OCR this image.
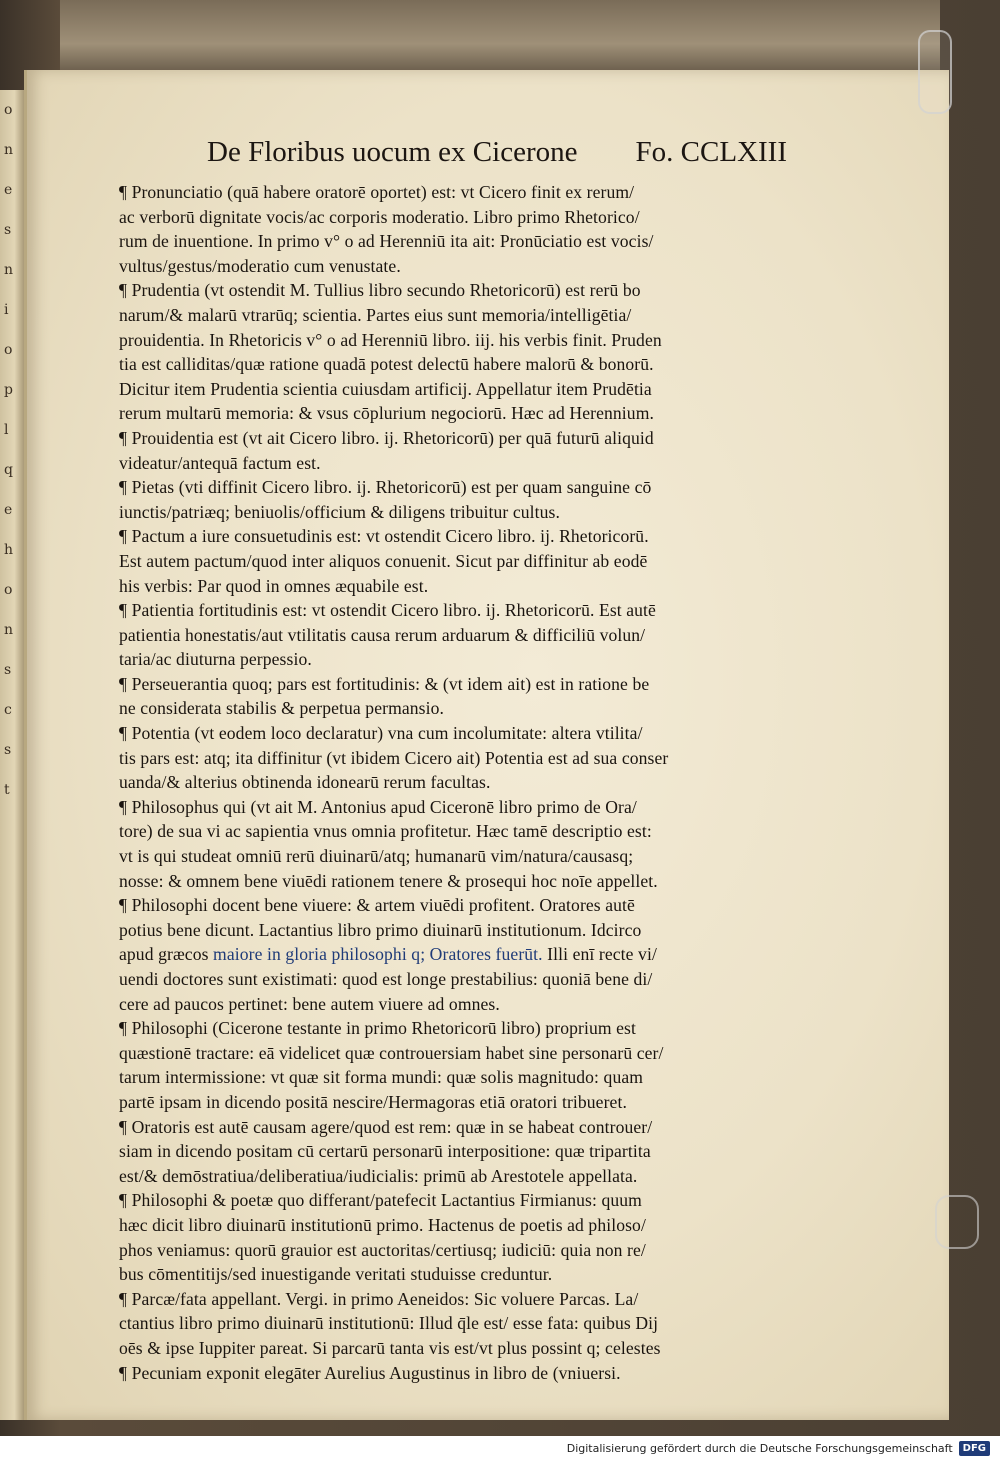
o
n
e
s
n
i
o
p
l
q
e
h
o
n
s
c
s
t
De Floribus uocum ex Cicerone Fo. CCLXIII
¶ Pronunciatio (quā habere oratorē oportet) est: vt Cicero finit ex rerum/
ac verborū dignitate vocis/ac corporis moderatio. Libro primo Rhetorico/
rum de inuentione. In primo v° o ad Herenniū ita ait: Pronūciatio est vocis/
vultus/gestus/moderatio cum venustate.
¶ Prudentia (vt ostendit M. Tullius libro secundo Rhetoricorū) est rerū bo
narum/& malarū vtrarūq; scientia. Partes eius sunt memoria/intelligētia/
prouidentia. In Rhetoricis v° o ad Herenniū libro. iij. his verbis finit. Pruden
tia est calliditas/quæ ratione quadā potest delectū habere malorū & bonorū.
Dicitur item Prudentia scientia cuiusdam artificij. Appellatur item Prudētia
rerum multarū memoria: & vsus cōplurium negociorū. Hæc ad Herennium.
¶ Prouidentia est (vt ait Cicero libro. ij. Rhetoricorū) per quā futurū aliquid
videatur/antequā factum est.
¶ Pietas (vti diffinit Cicero libro. ij. Rhetoricorū) est per quam sanguine cō
iunctis/patriæq; beniuolis/officium & diligens tribuitur cultus.
¶ Pactum a iure consuetudinis est: vt ostendit Cicero libro. ij. Rhetoricorū.
Est autem pactum/quod inter aliquos conuenit. Sicut par diffinitur ab eodē
his verbis: Par quod in omnes æquabile est.
¶ Patientia fortitudinis est: vt ostendit Cicero libro. ij. Rhetoricorū. Est autē
patientia honestatis/aut vtilitatis causa rerum arduarum & difficiliū volun/
taria/ac diuturna perpessio.
¶ Perseuerantia quoq; pars est fortitudinis: & (vt idem ait) est in ratione be
ne considerata stabilis & perpetua permansio.
¶ Potentia (vt eodem loco declaratur) vna cum incolumitate: altera vtilita/
tis pars est: atq; ita diffinitur (vt ibidem Cicero ait) Potentia est ad sua conser
uanda/& alterius obtinenda idonearū rerum facultas.
¶ Philosophus qui (vt ait M. Antonius apud Ciceronē libro primo de Ora/
tore) de sua vi ac sapientia vnus omnia profitetur. Hæc tamē descriptio est:
vt is qui studeat omniū rerū diuinarū/atq; humanarū vim/natura/causasq;
nosse: & omnem bene viuēdi rationem tenere & prosequi hoc noīe appellet.
¶ Philosophi docent bene viuere: & artem viuēdi profitent. Oratores autē
potius bene dicunt. Lactantius libro primo diuinarū institutionum. Idcirco
apud græcos maiore in gloria philosophi q; Oratores fuerūt. Illi enī recte vi/
uendi doctores sunt existimati: quod est longe prestabilius: quoniā bene di/
cere ad paucos pertinet: bene autem viuere ad omnes.
¶ Philosophi (Cicerone testante in primo Rhetoricorū libro) proprium est
quæstionē tractare: eā videlicet quæ controuersiam habet sine personarū cer/
tarum intermissione: vt quæ sit forma mundi: quæ solis magnitudo: quam
partē ipsam in dicendo positā nescire/Hermagoras etiā oratori tribueret.
¶ Oratoris est autē causam agere/quod est rem: quæ in se habeat controuer/
siam in dicendo positam cū certarū personarū interpositione: quæ tripartita
est/& demōstratiua/deliberatiua/iudicialis: primū ab Arestotele appellata.
¶ Philosophi & poetæ quo differant/patefecit Lactantius Firmianus: quum
hæc dicit libro diuinarū institutionū primo. Hactenus de poetis ad philoso/
phos veniamus: quorū grauior est auctoritas/certiusq; iudiciū: quia non re/
bus cōmentitijs/sed inuestigande veritati studuisse creduntur.
¶ Parcæ/fata appellant. Vergi. in primo Aeneidos: Sic voluere Parcas. La/
ctantius libro primo diuinarū institutionū: Illud q̄le est/ esse fata: quibus Dij
oēs & ipse Iuppiter pareat. Si parcarū tanta vis est/vt plus possint q; celestes
¶ Pecuniam exponit elegāter Aurelius Augustinus in libro de (vniuersi.
Digitalisierung gefördert durch die Deutsche Forschungsgemeinschaft	DFG
